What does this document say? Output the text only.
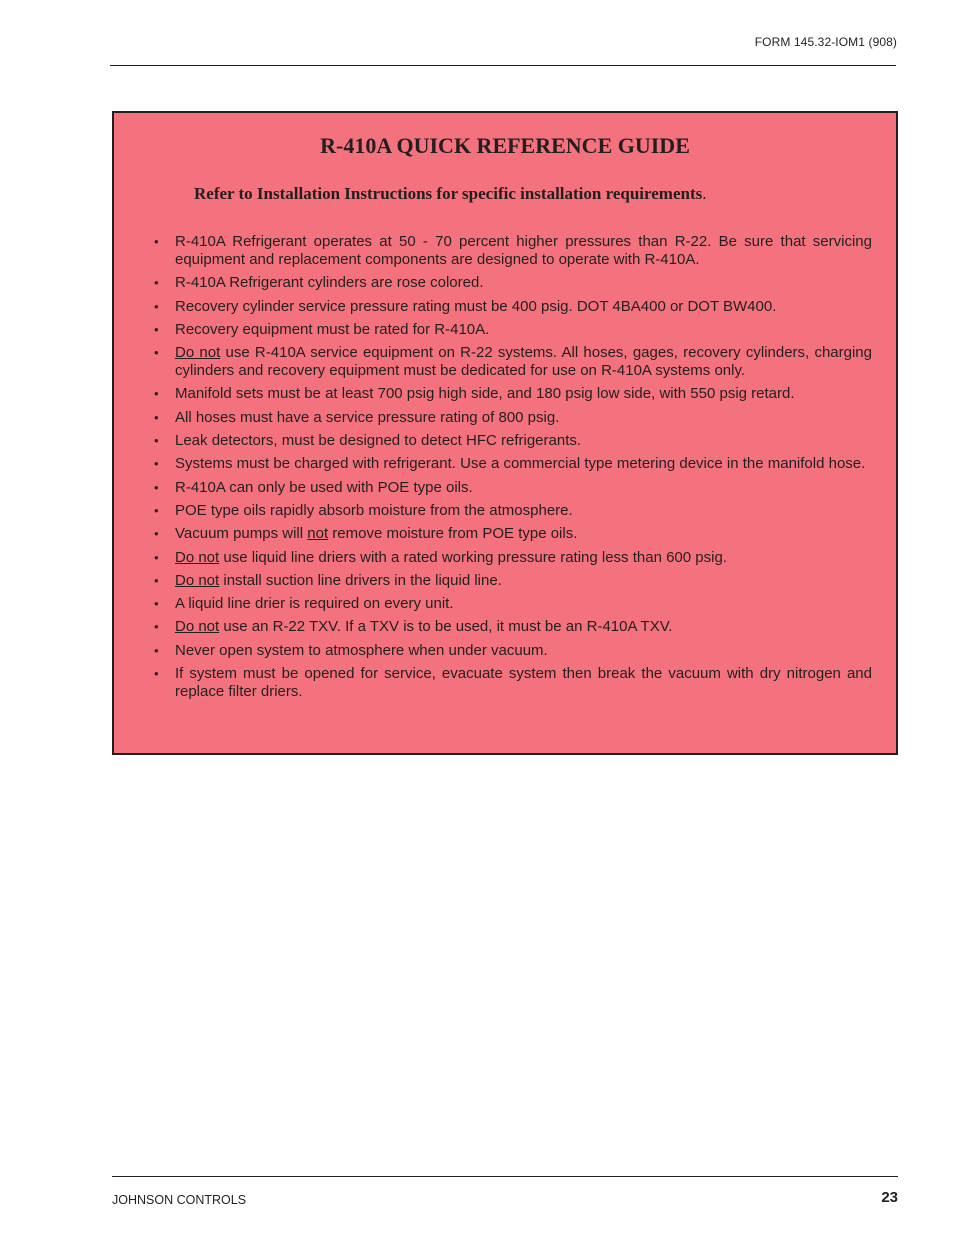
FORM 145.32-IOM1 (908)
R-410A QUICK REFERENCE GUIDE
Refer to Installation Instructions for specific installation requirements.
• R-410A Refrigerant operates at 50 - 70 percent higher pressures than R-22. Be sure that servicing equipment and replacement components are designed to operate with R-410A.
• R-410A Refrigerant cylinders are rose colored.
• Recovery cylinder service pressure rating must be 400 psig. DOT 4BA400 or DOT BW400.
• Recovery equipment must be rated for R-410A.
• Do not use R-410A service equipment on R-22 systems. All hoses, gages, recovery cylinders, charging cylinders and recovery equipment must be dedicated for use on R-410A systems only.
• Manifold sets must be at least 700 psig high side, and 180 psig low side, with 550 psig retard.
• All hoses must have a service pressure rating of 800 psig.
• Leak detectors, must be designed to detect HFC refrigerants.
• Systems must be charged with refrigerant. Use a commercial type metering device in the manifold hose.
• R-410A can only be used with POE type oils.
• POE type oils rapidly absorb moisture from the atmosphere.
• Vacuum pumps will not remove moisture from POE type oils.
• Do not use liquid line driers with a rated working pressure rating less than 600 psig.
• Do not install suction line drivers in the liquid line.
• A liquid line drier is required on every unit.
• Do not use an R-22 TXV. If a TXV is to be used, it must be an R-410A TXV.
• Never open system to atmosphere when under vacuum.
• If system must be opened for service, evacuate system then break the vacuum with dry nitrogen and replace filter driers.
JOHNSON CONTROLS	23
